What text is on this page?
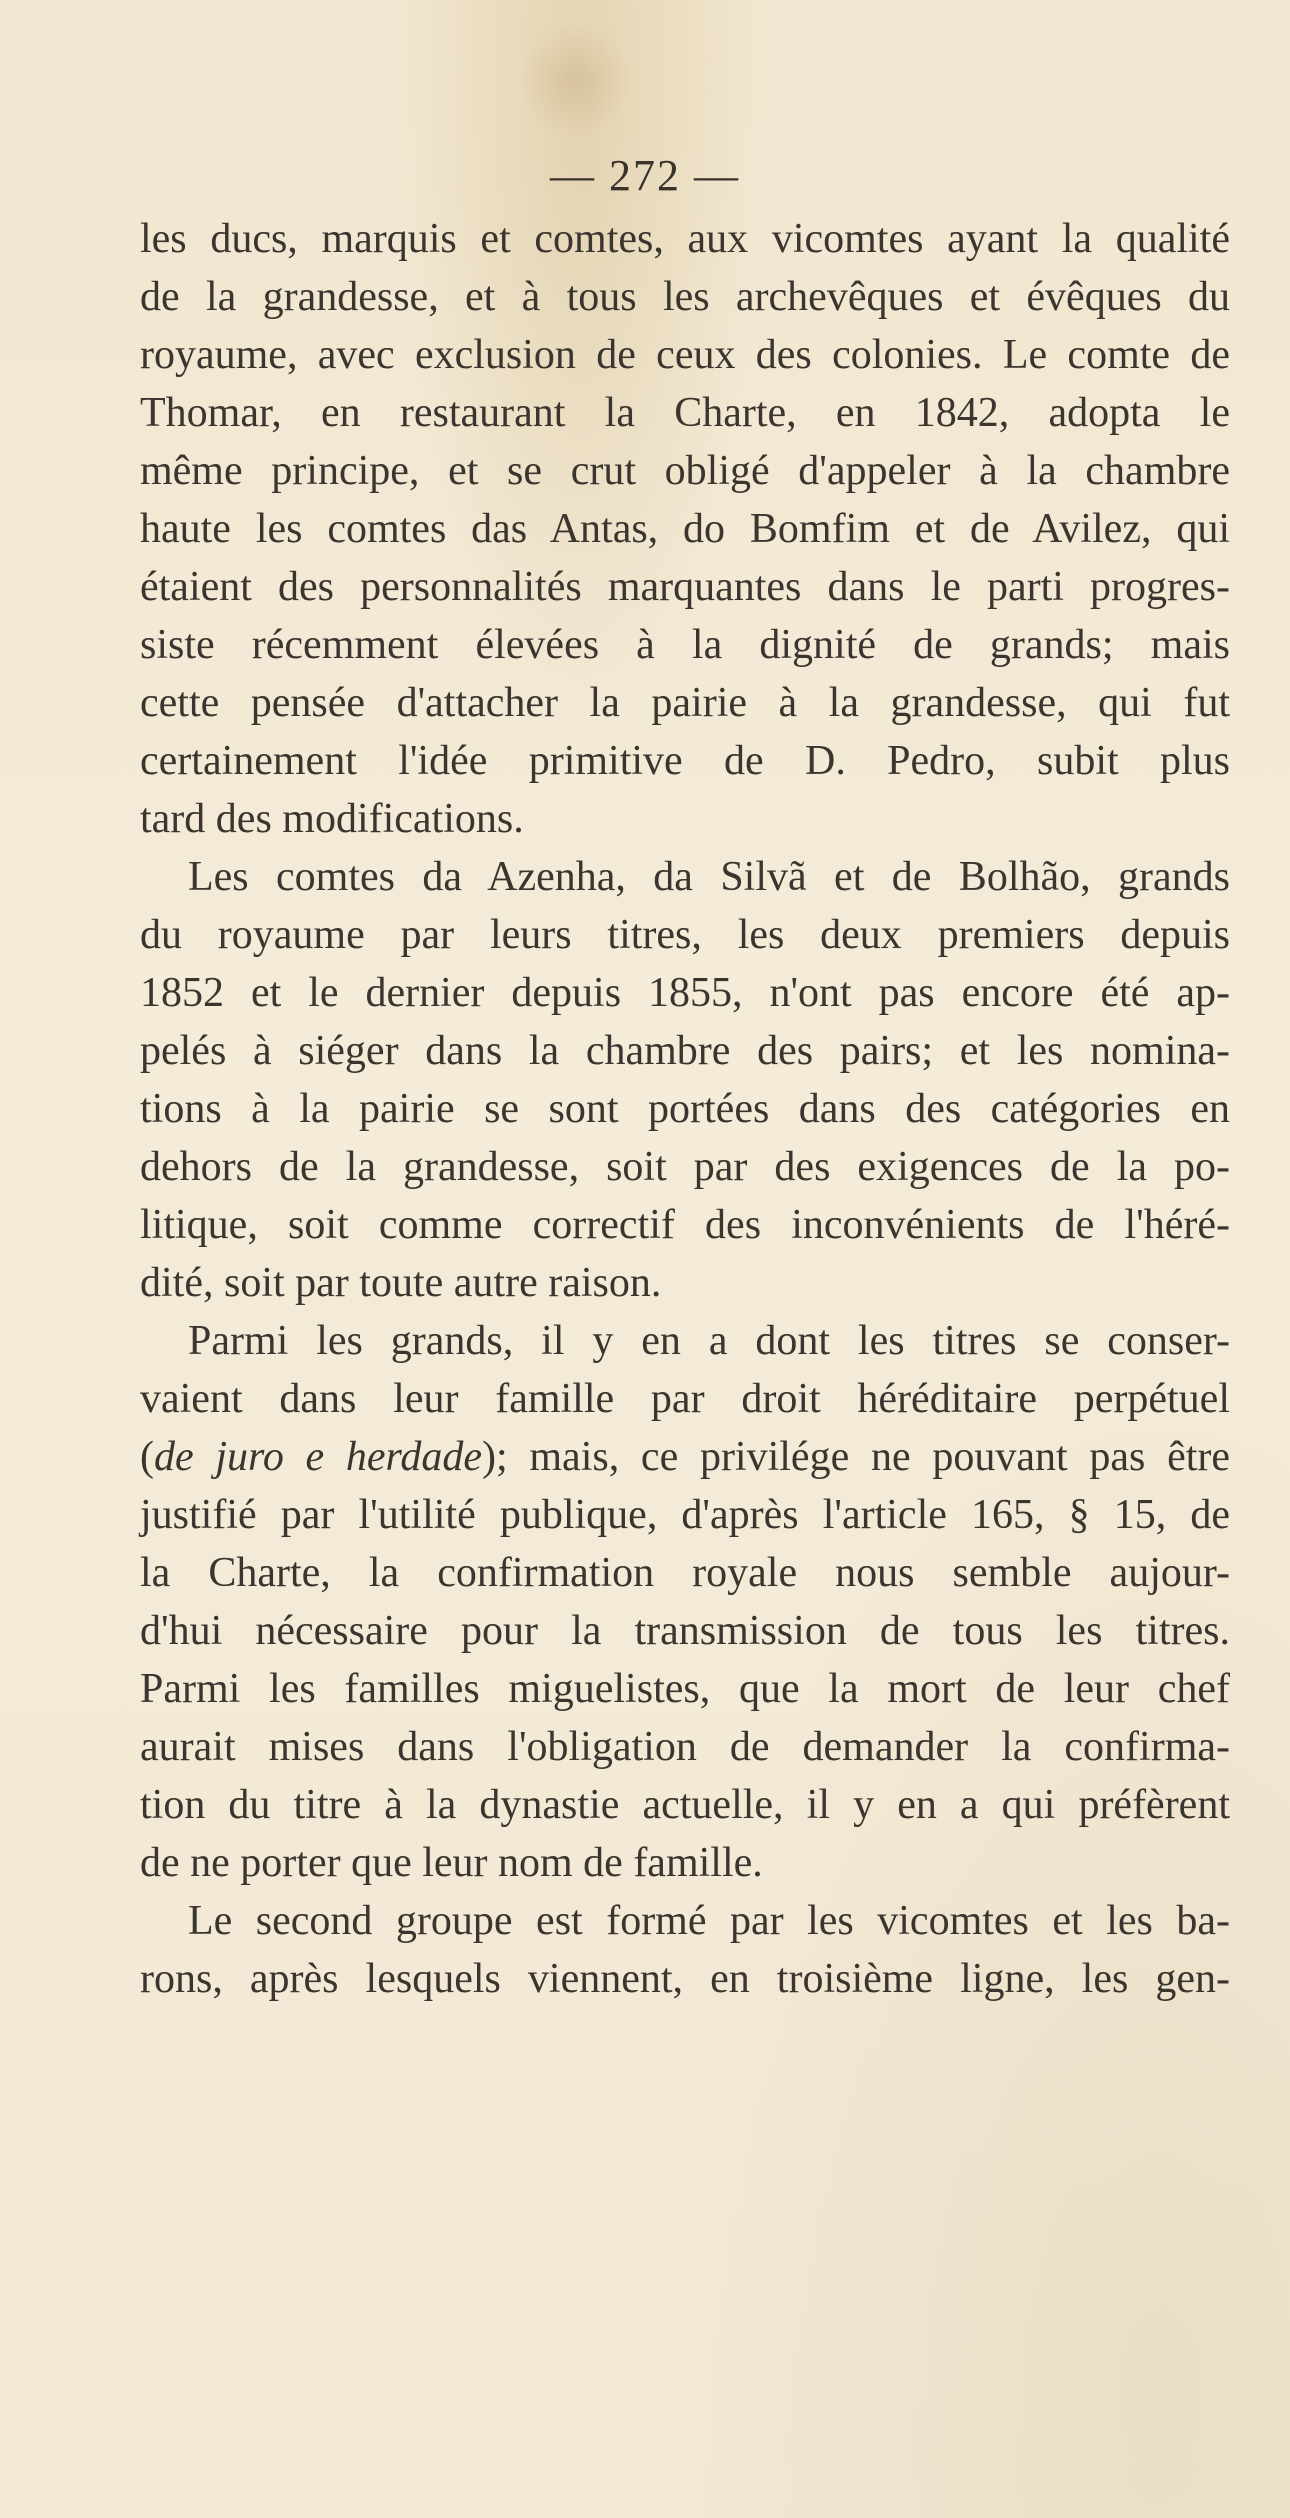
— 272 —
les ducs, marquis et comtes, aux vicomtes ayant la qualité
de la grandesse, et à tous les archevêques et évêques du
royaume, avec exclusion de ceux des colonies. Le comte de
Thomar, en restaurant la Charte, en 1842, adopta le
même principe, et se crut obligé d'appeler à la chambre
haute les comtes das Antas, do Bomfim et de Avilez, qui
étaient des personnalités marquantes dans le parti progres-
siste récemment élevées à la dignité de grands; mais
cette pensée d'attacher la pairie à la grandesse, qui fut
certainement l'idée primitive de D. Pedro, subit plus
tard des modifications.
Les comtes da Azenha, da Silvã et de Bolhão, grands
du royaume par leurs titres, les deux premiers depuis
1852 et le dernier depuis 1855, n'ont pas encore été ap-
pelés à siéger dans la chambre des pairs; et les nomina-
tions à la pairie se sont portées dans des catégories en
dehors de la grandesse, soit par des exigences de la po-
litique, soit comme correctif des inconvénients de l'héré-
dité, soit par toute autre raison.
Parmi les grands, il y en a dont les titres se conser-
vaient dans leur famille par droit héréditaire perpétuel
(de juro e herdade); mais, ce privilége ne pouvant pas être
justifié par l'utilité publique, d'après l'article 165, § 15, de
la Charte, la confirmation royale nous semble aujour-
d'hui nécessaire pour la transmission de tous les titres.
Parmi les familles miguelistes, que la mort de leur chef
aurait mises dans l'obligation de demander la confirma-
tion du titre à la dynastie actuelle, il y en a qui préfèrent
de ne porter que leur nom de famille.
Le second groupe est formé par les vicomtes et les ba-
rons, après lesquels viennent, en troisième ligne, les gen-
